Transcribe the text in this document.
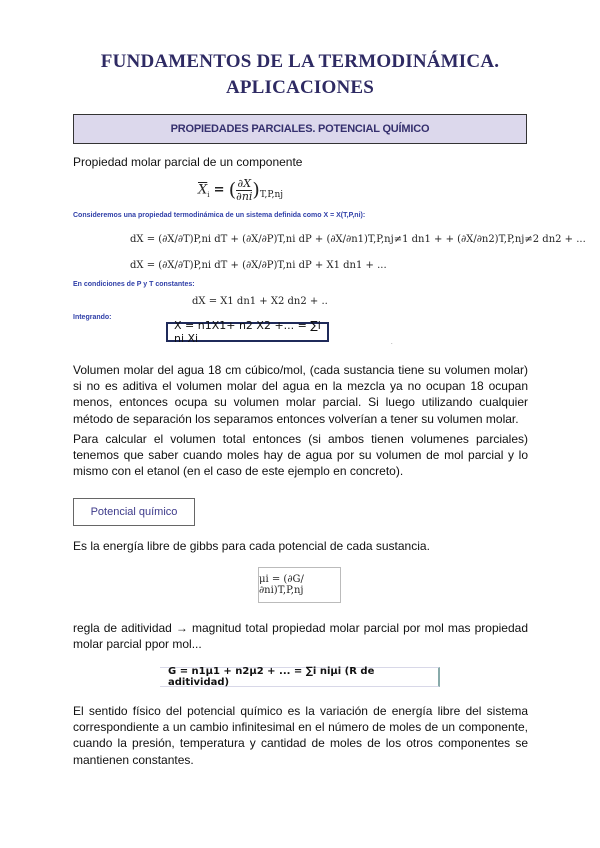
FUNDAMENTOS DE LA TERMODINÁMICA.
APLICACIONES
PROPIEDADES PARCIALES. POTENCIAL QUÍMICO
Propiedad molar parcial de un componente
$\overline{X}_i$ = ( $\frac{\partial X}{\partial ni} )_{T,P,nj}$
Consideremos una propiedad termodinámica de un sistema definida como X = X(T,P,ni):
dX = (∂X/∂T)P,ni dT + (∂X/∂P)T,ni dP + (∂X/∂n1)T,P,nj≠1 dn1 + + (∂X/∂n2)T,P,nj≠2 dn2 + ...
dX = (∂X/∂T)P,ni dT + (∂X/∂P)T,ni dP + X1 dn1 + ...
En condiciones de P y T constantes:
dX = X1 dn1 + X2 dn2 + ..
Integrando:
X = n1X1+ n2 X2 +... = ∑i ni Xi	.
Volumen molar del agua 18 cm cúbico/mol, (cada sustancia tiene su volumen molar) si no es aditiva el volumen molar del agua en la mezcla ya no ocupan 18 ocupan menos, entonces ocupa su volumen molar parcial. Si luego utilizando cualquier método de separación los separamos entonces volverían a tener su volumen molar.
Para calcular el volumen total entonces (si ambos tienen volumenes parciales) tenemos que saber cuando moles hay de agua por su volumen de mol parcial y lo mismo con el etanol (en el caso de este ejemplo en concreto).
Potencial químico
Es la energía libre de gibbs para cada potencial de cada sustancia.
μi = (∂G/∂ni)T,P,nj
regla de aditividad → magnitud total propiedad molar parcial por mol mas propiedad molar parcial ppor mol...
G = n1μ1 + n2μ2 + ... = ∑i niμi (R de aditividad)
El sentido físico del potencial químico es la variación de energía libre del sistema correspondiente a un cambio infinitesimal en el número de moles de un componente, cuando la presión, temperatura y cantidad de moles de los otros componentes se mantienen constantes.
